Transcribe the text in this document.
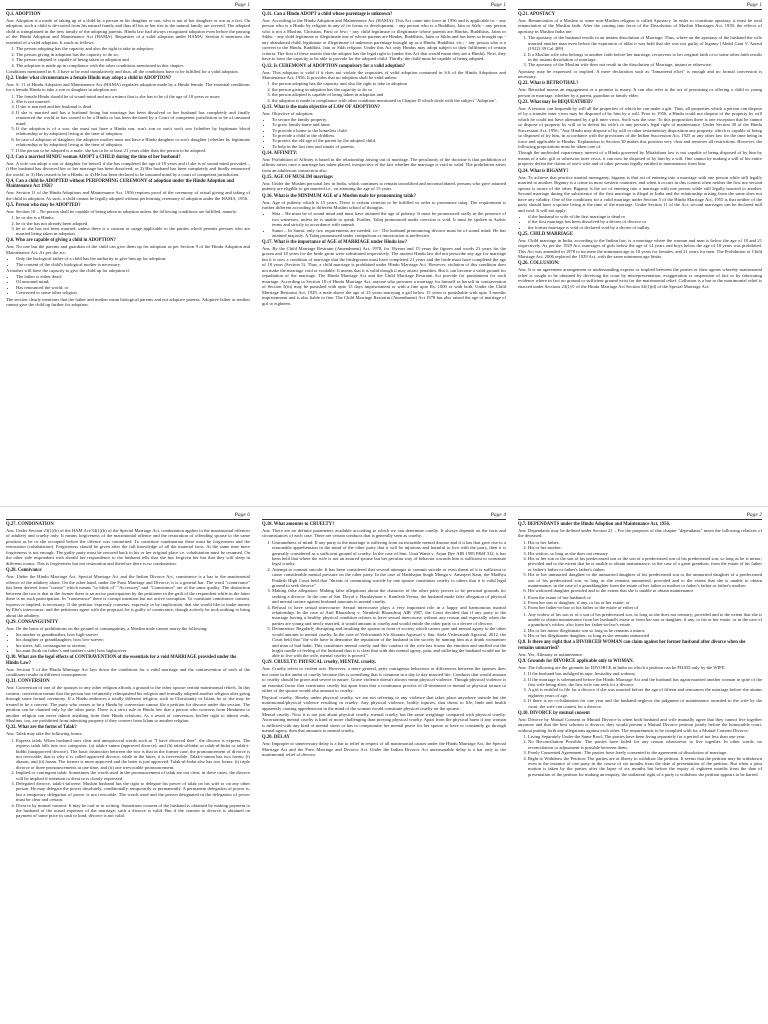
Page 1
Q.1. ADOPTION

Ans: Adoption is a mode of taking up of a child by a person as his daughter or son, who is not of her daughter or son as a fact. On adoption, such a child is de-rooted from his natural family and thus all his or her ties to the natural family are severed. The adopted child is transplanted in the new family of the adopting parents. Hindu law had always recognized adoption even before the passing of the Hindu Adoption and Maintenance Act (HAMA). Requisites of a valid adoption under HAMA: Section 6 mentions the essential of a valid adoption. It reads as follows:

1. The person adopting has the capacity and also the right to take in adoption;
2. The person giving in adoption has the capacity to do so;
3. The person adopted is capable of being taken in adoption and
4. The adoption is made up in compliance with the other conditions mentioned in this chapter.

Conditions mentioned in S. 4 have to be read cumulatively and thus, all the conditions have to be fulfilled for a valid adoption.

Q.2. Under what circumstances a female Hindu may adopt a child in ADOPTION?

Ans: S. 11 of Hindu Adoption and Maintenance Act (HAMA) regulates adoption made by a Hindu female. The essential conditions for a female Hindu to take a son or daughter in adoption are:

1. The female Hindu should be of sound mind and not a minor that is she has to be of the age of 18 years or more.
2. She is not married.
3. If she is married and her husband is dead.
4. If she is married and has a husband living but marriage has been dissolved or her husband has completely and finally renounced the world or has ceased to be a Hindu or has been declared by a Court of competent jurisdiction to be of unsound mind.
5. If the adoption is of a son, she must not have a Hindu son, son's son or son's son's son (whether by legitimate blood relationship or by adoption) living at the time of adoption.
6. In case of adoption of daughter, the adoptive mother must not have a Hindu daughter or son's daughter (whether by legitimate relationship or by adoption) living at the time of adoption.
7. If the person to be adopted is a male, she has to be at least 21 years older than the person to be adopted.
Q.3. Can a married HINDU woman ADOPT a CHILD during the time of her husband?

Ans: A wife can adopt a son or daughter for herself if she has completed the age of 18 years and if she is of sound mind provided – i) Her husband has divorced her or her marriage has been dissolved; or 2) Her husband has been completely and finally renounced the world; or 3) Has ceased to be a Hindu; or 4) He has been declared to be unsound mind by a court of competent jurisdiction.

Q.4. Can a child be ADOPTED without PERFORMING CEREMONY of adoption under the Hindu Adoption and Maintenance Act 1956?

Ans: Section 11 of the Hindu Adoptions and Maintenance Act, 1956 requires proof of the ceremony of actual giving and taking of the child in adoption. As such, a child cannot be legally adopted without performing ceremony of adoption under the HAMA, 1956.

Q.5. Person who may be ADOPTED?

Ans: Section 10 – No person shall be capable of being taken in adoption unless the following conditions are fulfilled, namely:

1. he or she is a Hindu;
2. he or she has not already been adopted
3. he or she has not been married, unless there is a custom or usage applicable to the parties which permits persons who are married being taken in adoption.
Q.6. Who are capable of giving a child in ADOPTION?

Ans: No one but the parents and guardian of the child can give them up for adoption as per Section 9 of the Hindu Adoption and Maintenance Act. As per the act:

• Only the biological father of a child has the authority to give him up for adoption;
• The consent of the child's biological mother is necessary.

A mother will have the capacity to give the child up for adoption if:

• The father is either dead;
• Of unsound mind;
• Has renounced the world; or
• Converted to some other religion.

The section clearly mentions that the father and mother mean biological parents and not adoptive parents. Adoptive father or mother cannot give the child up further for adoption.

Page 1
Q.11. Can a Hindu ADOPT a child whose parentage is unknown?

Ans: According to the Hindu Adoption and Maintenance Act (HAMA): This Act came into force in 1956 and is applicable to: - any person who is a Hindu by religion in any of its forms or development, - any person who is a Buddhist, Jain or Sikh; - any person who is not a Muslim, Christian, Parsi or Jew; - any child legitimate or illegitimate whose parents are Hindus, Buddhists, Jains or Sikhs; - any child legitimate or illegitimate one of whose parents are Hindus, Buddhists, Jains or Sikhs and has been so brought up; - any abandoned child, legitimate or illegitimate of unknown parentage brought up as a Hindu, Buddhist, etc.; - any person who is a convert to the Hindu, Buddhist, Jain or Sikh religion. Under this Act only Hindus may adopt subject to their fulfilment of certain criteria. The first of these asserts that the adopter has the legal right to (under this Act that would mean they are a Hindu). Next, they have to have the capacity to be able to provide for the adopted child. Thirdly, the child must be capable of being adopted.

Q.12. Is CEREMONY of ADOPTION compulsory for a valid adoption?

Ans: This adoption is valid if it does not violate the requisites of valid adoption contained in S.6 of the Hindu Adoptions and Maintenance Act, 1956. It provides that no adoption shall be valid unless:

1. the person adopting has the capacity and also the right to take in adoption
2. the person giving in adoption has the capacity to do so
3. the person adopted is capable of being taken in adoption and
4. the adoption is made in compliance with other condition mentioned in Chapter II which deals with the subject "Adoption".
Q.13. What is the main objective of LAW OF ADOPTION?

Ans: Objective of adoption:

• To secure the family property.
• To grow family name and fame.
• To provide a home to the homeless child.
• To provide a child to the childless.
• To protect the old age of the parent by the adopted child.
• To help in the last rites and rituals of parents.
Q.14. AFFINITY:

Ans: Prohibition of Affinity is based in the relationship arising out of marriage. The peculiarity of the doctrine is that prohibition of affinity arises once a marriage has taken placed, irrespective of the fact whether the marriage is void or valid. The prohibition arises from an adulterous connection also.

Q.15. AGE OF MUSLIM marriage:

Ans: Under the Muslim personal law in India, which continues to remain uncodified and unconsolidated, persons who gave attained puberty are eligible to get married i.e., on attaining the age of 15 years.

Q.16. What is the MINIMUM AGE of a Muslim male for pronouncing talak?

Ans: Age of puberty which is 15 years. There is certain criterias to be fulfilled in order to pronounce talaq. The requirement is further different according to different Muslim school of thoughts.

• Shia – He must be of sound mind and must have attained the age of puberty. It must be pronounced orally in the presence of two witnesses, unless he is unable to speak. Further, Talaq pronounced under coercion is void. It must be spoken in Arabic terms and strictly in accordance with sunnah.
• Sunni – In Sunni, only two requirements are needed, i.e.- The husband pronouncing divorce must be of sound mind. He has attained majority. A Talaq pronounced under compulsion or intoxication is ineffective.
Q.17. What is the importance of AGE of MARRIAGE under Hindu law?

Ans: By the Child Marriage Restraint (Amendment) Act, 1978, for 18years and 15 years the figures and words 21 years for the groom and 18 years for the bride grom were substituted respectively. The ancient Hindu law did not prescribe any age for marriage but it is now a condition of marriage that the bridegroom must have completed 21 years and the bride must have completed the age of 18 years (Section 5). Thus, a child marriage is prohibited under Hindu Marriage Act. However, violation of this condition does not make the marriage void or voidable. It means that it is valid though it may attract penalties. But it can become a valid ground for repudiation of the marriage. The Hindu Marriage Act and the Child Marriage Restraint Act provide for punishment for such marriage. According to Section 18 of Hindu Marriage Act, anyone who procures a marriage for himself or herself in contravention of Section 5(iii) may be punished with upto 15 days imprisonment or with a fine upto Rs. 1000 or with both. Under the Child Marriage Restraint Act, 1929, a male above the age of 25 years marrying a girl below 15 years is punishable with upto 3 months imprisonment and is also liable to fine. The Child Marriage Restraint (Amendment) Act 1978 has also raised the age of marriage of girl to eighteen.

Page 1
Q.21. APOSTACY

Ans: Renunciation of a Muslim to some non-Muslim religion is called Apostacy. In order to constitute apostasy, it must be total renunciation of the Muslim faith. After the coming into force of the Dissolution of Muslim Marriages Act, 1939, the effects of apostasy in Muslim India are:

1. The apostasy of the husband results in an instant dissolution of Marriage. Thus, where on the apostasy of the husband the wife married another man even before the expiration of iddat it was held that she was not guilty of bigamy [Abdul Gani V. Azizul (1912) 39 Cal 409]
2. It a Muslim wife who belongs to another faith before her marriage, reconverts to her original faith or to some other faith results in the instant dissolution of marriage.
3. The apostasy of the Muslim wife does not result in the dissolution of Marriage, instant or otherwise.

Apostasy may be expressed or implied. A mere declaration such as "Inmaneeal n'ket" is enough and no formal conversion is necessary.

Q.22. What is BETROTHAL?

Ans: Betrothal means an engagement or a promise to marry. It can also refer to the act of promising or offering a child or young person in marriage, whether by a parent, guardian or family elder.

Q.23. What may be BEQUEATHED?

Ans: A testator can bequeath by will all the properties of which he can make a gift. Thus, all properties which a person can dispose of by a transfer inter vivos may be disposed of by him by a will. Prior to 1956, a Hindu could not dispose of the property by will which he could not have alienated by a gift inter vivos. Such was the case. To this proposition there is one exception that he cannot so dispose of property by will so to defeat his wife's or any person's legal right of maintenance. Under Section 30 of the Hindu Succession Act, 1956: "Any Hindu may dispose of by will or other testamentary disposition any property, which is capable of being so disposed of by him, in accordance with the provisions of the Indian Succession Act, 1925 or any other law for the time being in force and applicable to Hindus. Explanation to Section 30 makes this position very clear and removes all restrictions. However, the following propositions must be taken care of.

Though the undivided coparcenary interest of a Hindu governed by Mitakshara law is not capable of being disposed of by him by means of a sale, gift or otherwise inter vivos, it can now be disposed of by him by a will. One cannot by making a will of his entire property defeat the claims of one's wife and of other persons legally entitled to maintenance from him.

Q.24. What is BIGAMY?

Ans: To achieve that practice marital monogamy, bigamy is that act of entering into a marriage with one person while still legally married to another. Bigamy is a crime in most western countries, and when it occurs in this context often neither the first nor second spouse is aware of the other. Bigamy is the act of entering into a marriage with one person while still legally married to another. Second marriage during the subsistence of the first marriage is illegal in India and the relationship arising from the same does not have any validity. One of the conditions for a valid marriage under Section 5 of the Hindu Marriage Act, 1955 is that neither of the party should have a spouse living at the time of the marriage. Under Section 11 of the Act, second marriages can be declared null and void. It will not apply:

• if the husband or wife of the first marriage is dead or
• if the first marriage has been dissolved by a decree of divorce or
• the former marriage is void or declared void by a decree of nullity.
Q.25. CHILD MARRIAGE

Ans: Child marriage in India, according to the Indian law, is a marriage where the woman and man is below the age of 18 and 21 respectively. As per the 1929 Act, marriages of girls below the age of 14 years and boys below the age of 18 years was prohibited. This Act was amended in 1978 to increase the minimum age to 18 years for females, and 21 years for men. The Prohibition of Child Marriage Act, 2006 replaced the 1929 Act, with the same minimum age limits.

Q.26. COLLUSION:

Ans: It is an agreement arrangement or understanding express or implied between the parties or their agents whereby matrimonial relief is sought to be obtained by deceiving the court by misrepresentation, exaggeration or suspension of fact or by fabricating evidence where in fact no ground or sufficient ground exist for the matrimonial relief. Collusion is a bar to the matrimonial relief is enacted under Sections 23(1)© of the Hindu Marriage Act Section 34(1)(d) of the Special Marriage Act.

Page 6
Q.27. CONDONATION

Ans: Under Section 23(1)(b) of the HAM Act/34(1)(b) of the Special Marriage Act, condonation applies to the matrimonial offences of adultery and cruelty only. It means forgiveness of the matrimonial offence and the restoration of offending spouse to the same position as he or she occupied before the offence was committed. To constitute condonation there must be forgiveness and the restoration (cohabitation). Forgiveness should be given after the full knowledge of all the material facts. At the same time mere forgiveness is not enough. The guilty party must be restored back to his or her original place i.e. cohabitation must be resumed. On the other side respondent with should her respondence to the husband tells that she has forgiven her but that they will sleep in different rooms. This is forgiveness but not restoration and therefore there is no condonation.

Q.28. Connivance

Ans: Under the Hindu Marriage Act, Special Marriage Act and the Indian Divorce Act, connivance is a bar to the matrimonial offence of the adultery alone. On the other hand, under the Parsi Marriage and Divorce, it is a general bar. The word "connivance" has been derived from "conive" which means "to blink of" "Accessory" and "Connivance" are of the same quality. The distinction between the two is that in the former there is an active participation by the petitioner in the guilt of the respondent while in the latter there is no such participation. In "connivance" there is corrupt intention but not active corruption. To constitute connivance consent, express or implied, is necessary. If the petition 'expressly consents, expressly or by implication, that she would like to make money by Eliz's intercourse, and the petitioner agree with the proposal, he is guilty of connivance, though actively he took nothing to bring about the adultery.

Q.29. CONSANGUINITY

Ans: On the basis of prohibitions on the ground of consanguinity, a Muslim male cannot marry the following:

• his mother or grandmother, how high-soever
• his daughter or granddaughter, how low-soever;
• his sister, full, consanguine or uterine;
• his aunt (both on father's and mother's side) how highsoever
Q.30. What are the legal effects of CONTRAVENTION of the essentials for a void MARRIAGE provided under the Hindu Law?

Ans: Section 5 of the Hindu Marriage Act lays down the conditions for a valid marriage and the contravention of each of the conditions results in different consequences:

Q.31. CONVERSION

Ans: Conversion of one of the spouses to any other religion affords a ground to the other spouse certain matrimonial reliefs. In this context, conversion means that the person has voluntarily relinquished his religion and formally adopted another religion after going through some formal ceremony. If a Hindu embraces a totally different religion, such as Christianity or Islam, he or she may be treated to be a convert. The party who ceases to be a Hindu by conversion cannot file a petition for divorce under this section. The petition can be claimed only by the other party. There is a strict rule in Hindu law that a person who converts from Hinduism to another religion can never inherit anything from their Hindu relations. As a result of conversion, his/her right to inherit ends. Muslims, too, are prohibited from inheriting property if they convert from Islam to another religion.

Q.32. What are the forms of Talak?

Ans: Talak may take the following forms:

1. Express talak: When husband uses clear and unequivocal words such as "I have divorced thee", the divorce is express. The express talak falls into two categories: (a) talak-i-sunna (approved divorce), and (b) talak-ul-bidat or talak-ul-bidat or talak-i-biddit (unapproved divorce). The basic distinction between the two is that in the former case, the pronouncement of divorce is not revocable, that is why it is called approved divorce, while in the latter, it is irreversible. Talak-i-sunna has two forms: (i) ahasan, and (ii) hasan. The former is more approved and the latter is just approved. Talak-ul-bidat also has two forms: (i) triple divorce or three pronouncements at one time, and (ii) one irrevocable pronouncement.
2. Implied or contingent talak: Sometimes the words used in the pronouncement of talak are not clear, in these cases, the divorce will be implied if intention to divorce is clearly expressed.
3. Delegated divorce, talak-i-tafweez: Muslim husband has the right to delegate his power of talak on his wife or on any other person. He may delegate the power absolutely, conditionally, temporarily or permanently. A permanent delegation of power is, but a temporary delegation of power is not revocable. The words used and the person designated in the delegation of power must be clear and certain.
4. Divorce by mutual consent: It may be oral or in writing. Sometimes consent of the husband is obtained by making payment to the husband of the actual expenses of the marriage; such a divorce is valid. But if the consent to divorce is obtained on payment of some price in cash or kind, divorce is not valid.
Page 4
Q.18. What amounts to CRUELTY?

Ans: There are no definite parameters available according to which we can determine cruelty. It always depends on the facts and circumstances of each case. There are certain conducts that is generally seen as cruelty.

1. Unsoundness of mind: If any party to the marriage is suffering from an incurable mental disease and if it has that gave rise to a reasonable apprehension in the mind of the other party that it will be injurious and harmful to live with the party, then it is generally considered as a sufficient ground of cruelty. In the case of Smt. Uma Wanti v. Arjun Dev AIR 1995 P&H 312, it has been held that where the wife is not an assured spouse but her peculiar way of behavior towards him is sufficient to constitute legal cruelty.
2. Attempt to commit suicide: It has been considered that several attempts to commit suicide or even threat of it is sufficient to cause considerable mental pressure on the other party. In the case of Harbhajan Singh Monga v. Amarjeet Kaur, the Madhya Pradesh High Court held that "threats of committing suicide by one spouse constitutes cruelty to others that it is valid legal ground to seek divorce".
3. Making false allegation: Making false allegations about the character of the other party proves to be personal grounds for seeking a divorce. In the case of Sm. Doyal v. Haralayman v. Kamlesh Verma, the husband made false allegation of physical and mental torture against husband amounts to mental cruelty.
4. Refusal to have sexual intercourse: Sexual intercourse plays a very important role in a happy and harmonious marital relationship. In the case of Anil Bharadwaj v. Nirmlesh Bharadwaj AIR 1987, the Court decided that if any party to the marriage having a healthy physical condition refuses to have sexual intercourse without any reason and especially when the parties are young and newly married, it would amount to cruelty and would entitle the other party to a decree of divorce.
5. Defamation: Regularly disrupting and insulting the spouse in front of society which causes pain and mental agony to the other would amount to mental cruelty. In the case of Vishwanath S/o Sitaram Agrawal v. Sau. Sarla Vishwanath Agrawal, 2012, the Court held that "the wife have to demonise the reputation of the husband in the society by naming him as a drunk womaniser and man of bad habit. This constitutes mental cruelty and this conduct of the wife has frozen the emotion and snuffed out the bright candle of feeling of the husband thus it is clear that with this mental agony, pain, and suffering the husband would not be able to live with the wife, mental cruelty is proved."
Q.19. CRUELTY: PHYSICAL cruelty, MENTAL cruelty.

Ans: Cruelty refers to violent acts. However, a more general, petty outrageous behaviour or differences between the spouses does not come in the ambit of cruelty because this is something that is common in a day to day married life. Conducts that would amount to cruelty should be grave and severe in nature. Grave violence doesn't always mean physical violence. Though physical violence is an essential factor that constitutes cruelty but apart from that a continuous process of ill-treatment or mental or physical torture to either of the spouse would also amount to cruelty.

Physical cruelty: Hereby under physical cruelty, we are not referring to any violence that takes place anywhere outside but the matrimonial/physical violence resulting in cruelty. Any physical violence, bodily injuries, that threat to life, limb and health apparently causing apprehension in the mind of the woman would constitute physical cruelty on the spouse.

Mental cruelty: Now it is not just about physical cruelty, mental cruelty has the same weightage compared with physical cruelty. Ascertaining mental cruelty is kind of more challenging than proving physical cruelty. Apart from the physical harm if any woman is inflicted with any kind of mental stress or has to compromise her mental peace for her spouse or have to constantly go through mental agony, then that amounts to mental cruelty.

Q.20. DELAY

Ans: Improper or unnecessary delay is a bar to relief in respect of all matrimonial causes under the Hindu Marriage Act, the Special Marriage Act and the Parsi Marriage and Divorce Act. Under the Indian Divorce Act unreasonable delay is a bar only to the matrimonial relief of divorce.

Page 2
Q.7. DEPENDANTS under the Hindu Adoption and Maintenance Act, 1956.

Ans: Dependants may be defined under Section 21 – For the purposes of this chapter "dependants" mean the following relatives of the deceased:

1. His or her father;
2. His or her mother;
3. His widow, so long as she does not remarry
4. His or her son or the son of his predeceased son or the son of a predeceased son of his predeceased son, so long as he is minor; provided and to the extent that he is unable to obtain maintenance, in the case of a great grandson, from the estate of his father or father's father or father's father's father;
5. His or her unmarried daughter or the unmarried daughter of his predeceased son or the unmarried daughter of a predeceased son of his predeceased son, so long as she remains unmarried; provided and to the extent that she is unable to obtain maintenance, in the case of a granddaughter from the estate of her father or mother or father's father or father's mother;
6. His widowed daughter provided and to the extent that she is unable to obtain maintenance
1. From the estate of her husband; or
2. From her son or daughter, if any, or his or her estate; or
3. From her father-in-law or his father or the estate of either of
1. Any widow of his son or of a son of his predeceased son, so long as she does not remarry; provided and to the extent that she is unable to obtain maintenance from her husband's estate or from her son or daughter, if any, or his or her estate, or in the case of a grandson's widow, also from her father-in-law's estate.
2. His or her minor illegitimate son so long as he remains a minor;
3. His or her illegitimate daughter, so long as she remains unmarried
Q.8. Is there any right that a DIVORCED WOMAN can claim against her former husband after divorce when she remains unmarried?

Ans: Yes, Alimony or maintenance.

Q.9. Grounds for DIVORCE applicable only to WOMAN.

Ans: The following are the grounds for DIVORCE in India on which a petition can be FILED only by the WIFE.

1. If the husband has indulged in rape, bestiality and sodomy.
2. If the marriage is solemnized before the Hindu Marriage Act and the husband has again married another woman in spite of the first wife being alive, the first wife can seek for a divorce.
3. A girl is entitled to file for a divorce if she was married before the age of fifteen and renounces the marriage before she attains eighteen years of age.
4. If there is no co-habitation for one year and the husband neglects the judgment of maintenance awarded to the wife by the court, the wife can contest for a divorce.
Q.10. DIVORCE by mutual consent

Ans: Divorce by Mutual Consent or Mutual Divorce is when both husband and wife mutually agree that they cannot live together anymore and that the best solution is divorce, they would present a Mutual Divorce petition jointly before the honourable court, without putting forth any allegations against each other. The requirements to be complied with for a Mutual Consent Divorce:

1. Living Separately Under the Same Roof: The parties have been living separately for a period of not less than one year.
2. No Reconciliation Possible: The parties have failed for any reason whatsoever to live together. In other words, no reconciliation or adjustment is possible between them.
3. Freely Consented Agreement: The parties have freely consented to the agreement of dissolution of marriage.
4. Right to Withdraw the Petition: The parties are at liberty to withdraw the petition. It seems that the petition may be withdrawn even at the instance of one party in the course of six months from the date of presentation of the petition. But when a joint motion is taken by the parties after the lapse of six months but before the expiry of eighteen months from the date of presentation of the petition for making an enquiry, the unilateral right of a party to withdraw the petition appears to be barred.
